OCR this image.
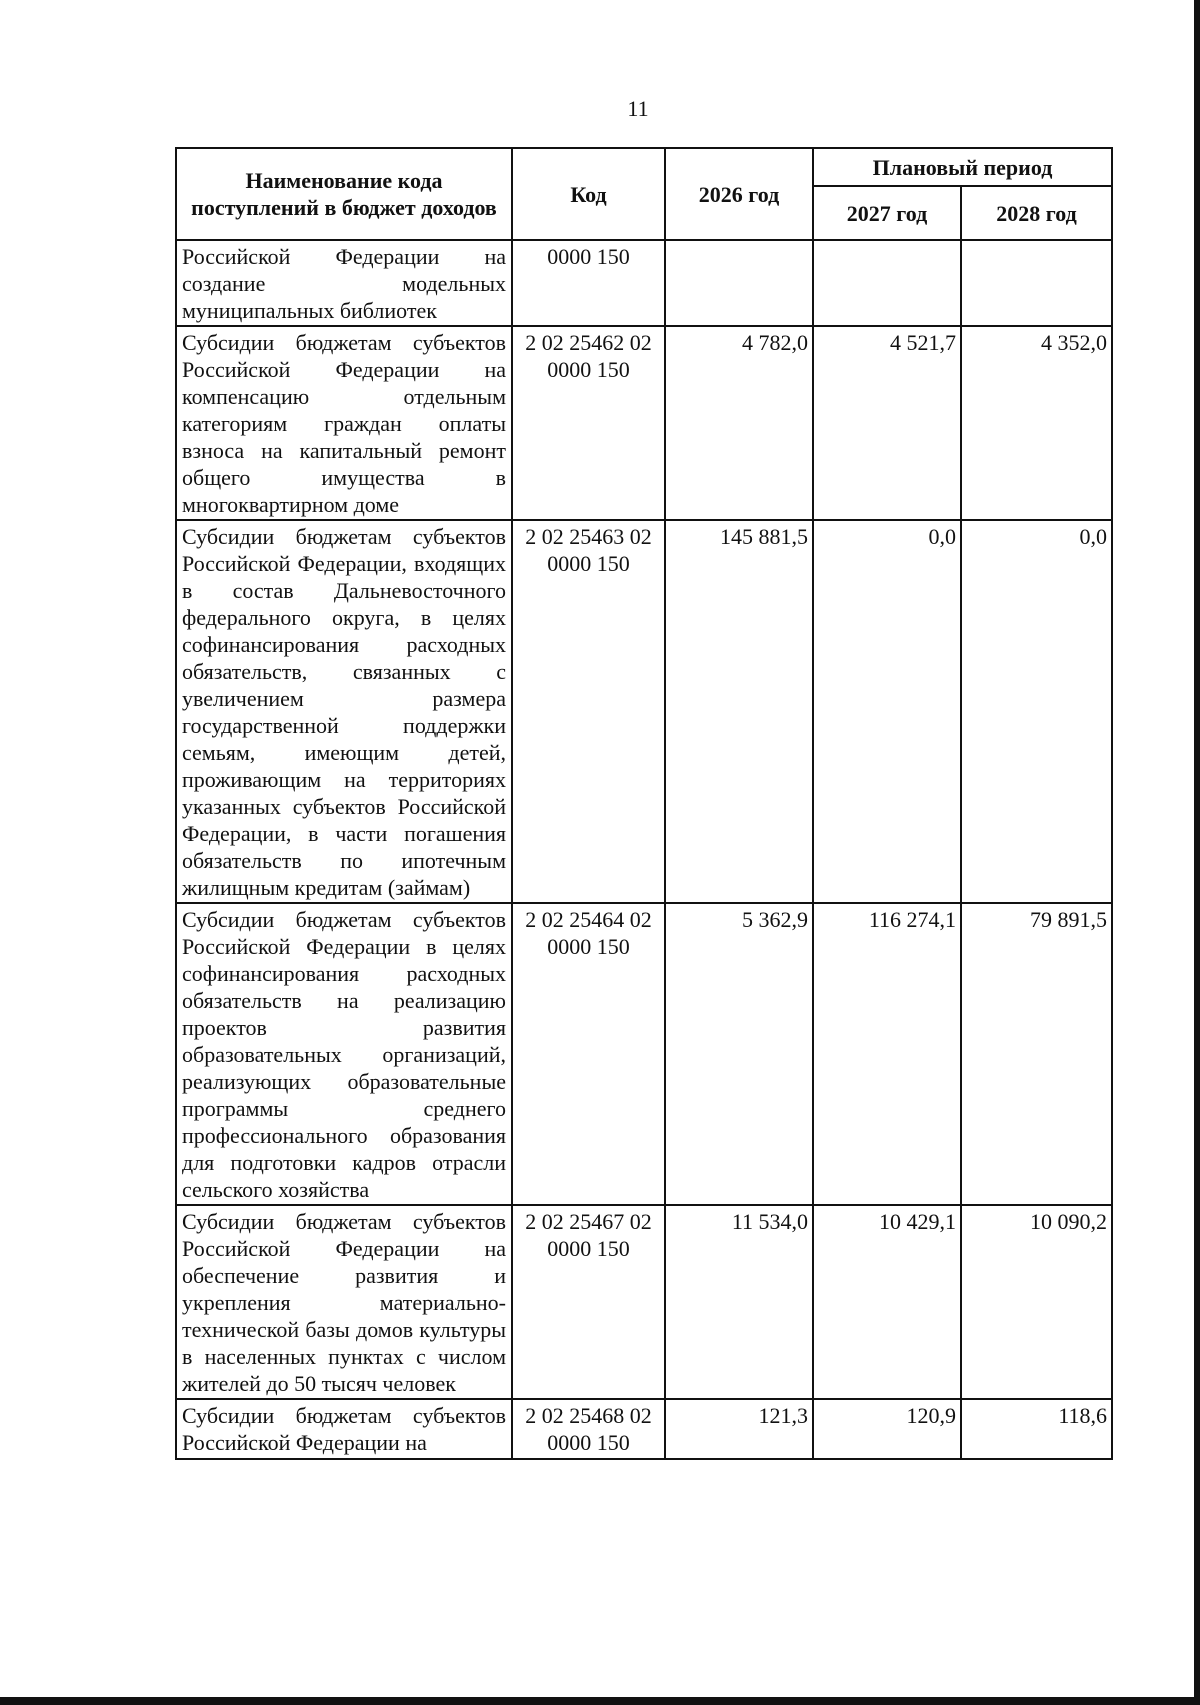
11
Наименование кода поступлений в бюджет доходов	Код	2026 год	Плановый период	
			2027 год	2028 год
Российской Федерации на создание модельных муниципальных библиотек	0000 150			
Субсидии бюджетам субъектов Российской Федерации на компенсацию отдельным категориям граждан оплаты взноса на капитальный ремонт общего имущества в многоквартирном доме	2 02 25462 02 0000 150	4 782,0	4 521,7	4 352,0
Субсидии бюджетам субъектов Российской Федерации, входящих в состав Дальневосточного федерального округа, в целях софинансирования расходных обязательств, связанных с увеличением размера государственной поддержки семьям, имеющим детей, проживающим на территориях указанных субъектов Российской Федерации, в части погашения обязательств по ипотечным жилищным кредитам (займам)	2 02 25463 02 0000 150	145 881,5	0,0	0,0
Субсидии бюджетам субъектов Российской Федерации в целях софинансирования расходных обязательств на реализацию проектов развития образовательных организаций, реализующих образовательные программы среднего профессионального образования для подготовки кадров отрасли сельского хозяйства	2 02 25464 02 0000 150	5 362,9	116 274,1	79 891,5
Субсидии бюджетам субъектов Российской Федерации на обеспечение развития и укрепления материально-технической базы домов культуры в населенных пунктах с числом жителей до 50 тысяч человек	2 02 25467 02 0000 150	11 534,0	10 429,1	10 090,2
Субсидии бюджетам субъектов Российской Федерации на	2 02 25468 02 0000 150	121,3	120,9	118,6
